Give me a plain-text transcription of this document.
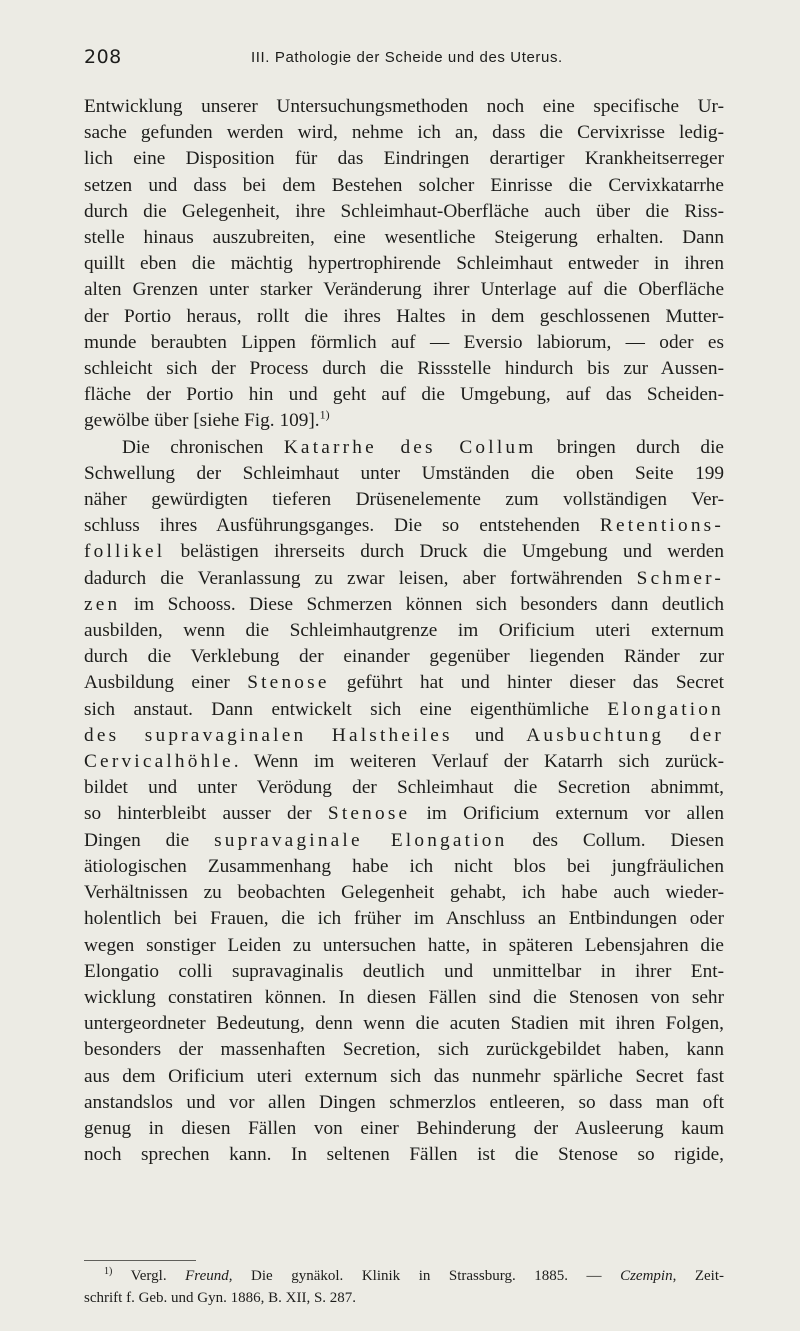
208	III. Pathologie der Scheide und des Uterus.
Entwicklung unserer Untersuchungsmethoden noch eine specifische Ur-
sache gefunden werden wird, nehme ich an, dass die Cervixrisse ledig-
lich eine Disposition für das Eindringen derartiger Krankheitserreger
setzen und dass bei dem Bestehen solcher Einrisse die Cervixkatarrhe
durch die Gelegenheit, ihre Schleimhaut-Oberfläche auch über die Riss-
stelle hinaus auszubreiten, eine wesentliche Steigerung erhalten. Dann
quillt eben die mächtig hypertrophirende Schleimhaut entweder in ihren
alten Grenzen unter starker Veränderung ihrer Unterlage auf die Oberfläche
der Portio heraus, rollt die ihres Haltes in dem geschlossenen Mutter-
munde beraubten Lippen förmlich auf — Eversio labiorum, — oder es
schleicht sich der Process durch die Rissstelle hindurch bis zur Aussen-
fläche der Portio hin und geht auf die Umgebung, auf das Scheiden-
gewölbe über [siehe Fig. 109].$^{1)}$
Die chronischen Katarrhe des Collum bringen durch die
Schwellung der Schleimhaut unter Umständen die oben Seite 199
näher gewürdigten tieferen Drüsenelemente zum vollständigen Ver-
schluss ihres Ausführungsganges. Die so entstehenden Retentions-
follikel belästigen ihrerseits durch Druck die Umgebung und werden
dadurch die Veranlassung zu zwar leisen, aber fortwährenden Schmer-
zen im Schooss. Diese Schmerzen können sich besonders dann deutlich
ausbilden, wenn die Schleimhautgrenze im Orificium uteri externum
durch die Verklebung der einander gegenüber liegenden Ränder zur
Ausbildung einer Stenose geführt hat und hinter dieser das Secret
sich anstaut. Dann entwickelt sich eine eigenthümliche Elongation
des supravaginalen Halstheiles und Ausbuchtung der
Cervicalhöhle. Wenn im weiteren Verlauf der Katarrh sich zurück-
bildet und unter Verödung der Schleimhaut die Secretion abnimmt,
so hinterbleibt ausser der Stenose im Orificium externum vor allen
Dingen die supravaginale Elongation des Collum. Diesen
ätiologischen Zusammenhang habe ich nicht blos bei jungfräulichen
Verhältnissen zu beobachten Gelegenheit gehabt, ich habe auch wieder-
holentlich bei Frauen, die ich früher im Anschluss an Entbindungen oder
wegen sonstiger Leiden zu untersuchen hatte, in späteren Lebensjahren die
Elongatio colli supravaginalis deutlich und unmittelbar in ihrer Ent-
wicklung constatiren können. In diesen Fällen sind die Stenosen von sehr
untergeordneter Bedeutung, denn wenn die acuten Stadien mit ihren Folgen,
besonders der massenhaften Secretion, sich zurückgebildet haben, kann
aus dem Orificium uteri externum sich das nunmehr spärliche Secret fast
anstandslos und vor allen Dingen schmerzlos entleeren, so dass man oft
genug in diesen Fällen von einer Behinderung der Ausleerung kaum
noch sprechen kann. In seltenen Fällen ist die Stenose so rigide,
$^{1)}$ Vergl. Freund, Die gynäkol. Klinik in Strassburg. 1885. — Czempin, Zeit-
schrift f. Geb. und Gyn. 1886, B. XII, S. 287.
